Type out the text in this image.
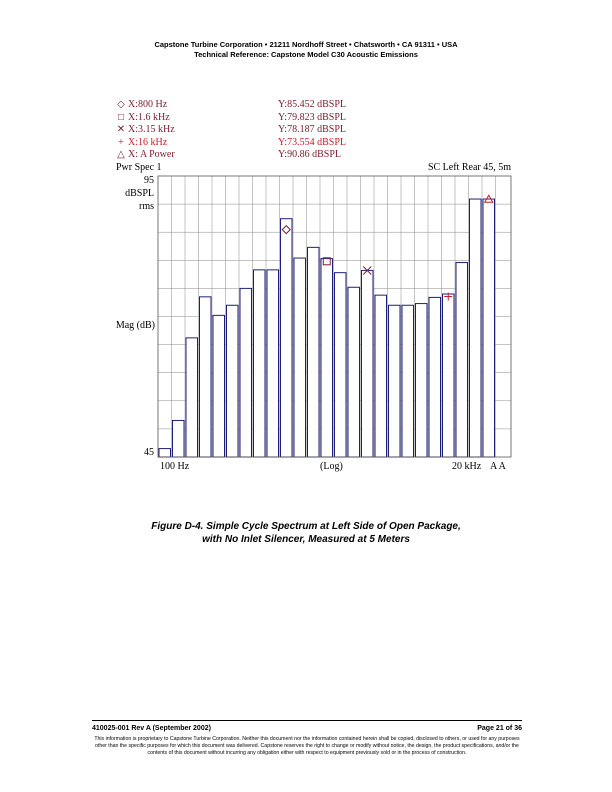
Capstone Turbine Corporation • 21211 Nordhoff Street • Chatsworth • CA 91311 • USA
Technical Reference: Capstone Model C30 Acoustic Emissions
◇ X:800 Hz	Y:85.452 dBSPL
□ X:1.6 kHz	Y:79.823 dBSPL
✕ X:3.15 kHz	Y:78.187 dBSPL
+ X:16 kHz	Y:73.554 dBSPL
△ X: A Power	Y:90.86 dBSPL
Pwr Spec 1	SC Left Rear 45, 5m
95
dBSPL
rms
Mag (dB)
45
100 Hz	(Log)	20 kHz A A
Figure D-4. Simple Cycle Spectrum at Left Side of Open Package,
with No Inlet Silencer, Measured at 5 Meters
410025-001 Rev A (September 2002)	Page 21 of 36
This information is proprietary to Capstone Turbine Corporation. Neither this document nor the information contained herein shall be copied, disclosed to others, or used for any purposes other than the specific purposes for which this document was delivered. Capstone reserves the right to change or modify without notice, the design, the product specifications, and/or the contents of this document without incurring any obligation either with respect to equipment previously sold or in the process of construction.
